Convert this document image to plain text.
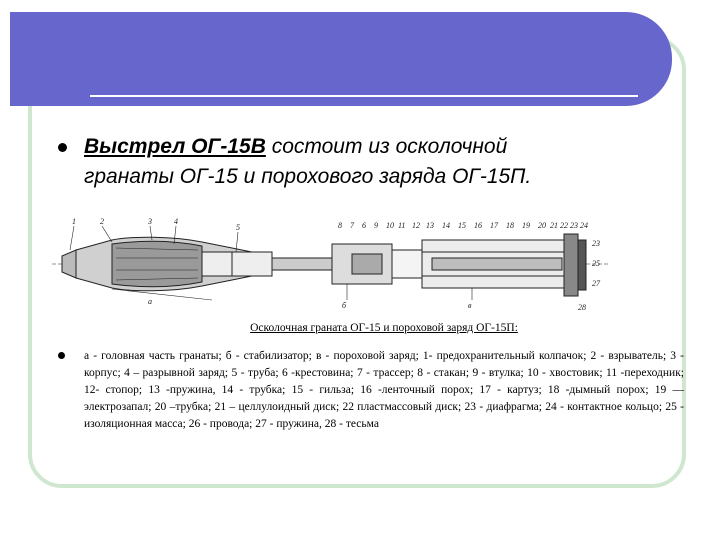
Выстрел ОГ-15В состоит из осколочной
гранаты ОГ-15 и порохового заряда ОГ-15П.
1	2	3	4
5	8 7 6 9 10 11 12 13 14 15 16 17 18 19 20 21 22 23 24
23
25
27
28
а	б	в
Осколочная граната ОГ-15 и пороховой заряд ОГ-15П:
а - головная часть гранаты; б - стабилизатор; в - пороховой заряд; 1- предохранительный колпачок; 2 - взрыватель; 3 - корпус; 4 – разрывной заряд; 5 - труба; 6 -крестовина; 7 - трассер; 8 - стакан; 9 - втулка; 10 - хвостовик; 11 -переходник; 12- стопор; 13 -пружина, 14 - трубка; 15 - гильза; 16 -ленточный порох; 17 - картуз; 18 -дымный порох; 19 — электрозапал; 20 –трубка; 21 – целлулоидный диск; 22 пластмассовый диск; 23 - диафрагма; 24 - контактное кольцо; 25 - изоляционная масса; 26 - провода; 27 - пружина, 28 - тесьма
